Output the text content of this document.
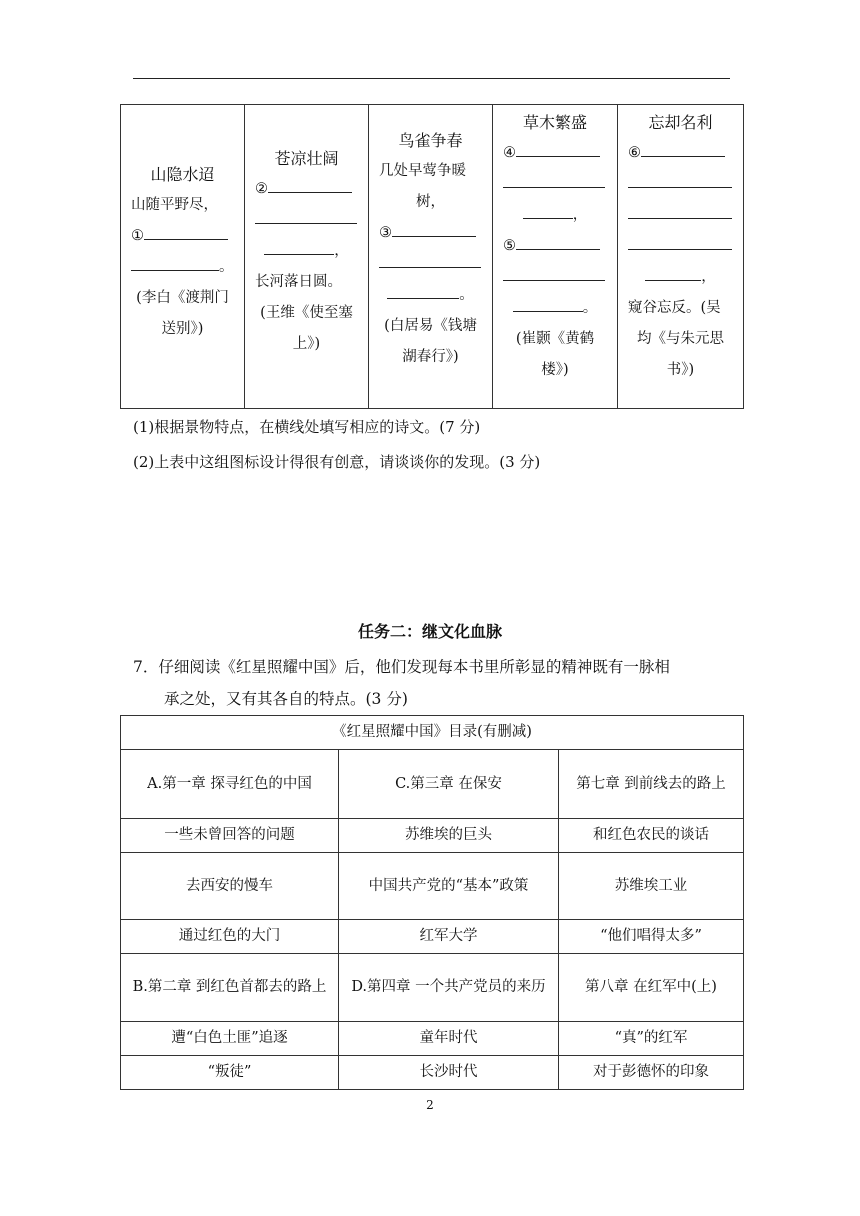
山隐水迢
山随平野尽，
①
。
(李白《渡荆门
送别》)

苍凉壮阔
②
，
长河落日圆。
(王维《使至塞
上》)

鸟雀争春
几处早莺争暖
树，
③
。
(白居易《钱塘
湖春行》)

草木繁盛
④
，
⑤
。
(崔颢《黄鹤
楼》)

忘却名利
⑥
，
窥谷忘反。(吴
均《与朱元思
书》)
(1)根据景物特点，在横线处填写相应的诗文。(7 分)
(2)上表中这组图标设计得很有创意，请谈谈你的发现。(3 分)
任务二：继文化血脉
7．仔细阅读《红星照耀中国》后，他们发现每本书里所彰显的精神既有一脉相
承之处，又有其各自的特点。(3 分)
《红星照耀中国》目录(有删减)		
A.第一章 探寻红色的中国	C.第三章 在保安	第七章 到前线去的路上
一些未曾回答的问题	苏维埃的巨头	和红色农民的谈话
去西安的慢车	中国共产党的“基本”政策	苏维埃工业
通过红色的大门	红军大学	“他们唱得太多”
B.第二章 到红色首都去的路上	D.第四章 一个共产党员的来历	第八章 在红军中(上)
遭“白色土匪”追逐	童年时代	“真”的红军
“叛徒”	长沙时代	对于彭德怀的印象
2
